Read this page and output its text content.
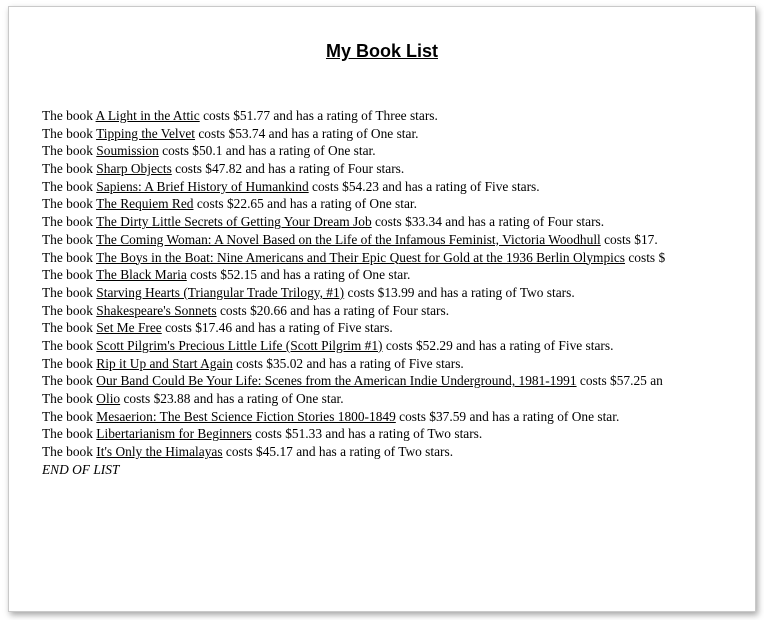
My Book List
The book A Light in the Attic costs $51.77 and has a rating of Three stars.
The book Tipping the Velvet costs $53.74 and has a rating of One star.
The book Soumission costs $50.1 and has a rating of One star.
The book Sharp Objects costs $47.82 and has a rating of Four stars.
The book Sapiens: A Brief History of Humankind costs $54.23 and has a rating of Five stars.
The book The Requiem Red costs $22.65 and has a rating of One star.
The book The Dirty Little Secrets of Getting Your Dream Job costs $33.34 and has a rating of Four stars.
The book The Coming Woman: A Novel Based on the Life of the Infamous Feminist, Victoria Woodhull costs $17.
The book The Boys in the Boat: Nine Americans and Their Epic Quest for Gold at the 1936 Berlin Olympics costs $
The book The Black Maria costs $52.15 and has a rating of One star.
The book Starving Hearts (Triangular Trade Trilogy, #1) costs $13.99 and has a rating of Two stars.
The book Shakespeare's Sonnets costs $20.66 and has a rating of Four stars.
The book Set Me Free costs $17.46 and has a rating of Five stars.
The book Scott Pilgrim's Precious Little Life (Scott Pilgrim #1) costs $52.29 and has a rating of Five stars.
The book Rip it Up and Start Again costs $35.02 and has a rating of Five stars.
The book Our Band Could Be Your Life: Scenes from the American Indie Underground, 1981-1991 costs $57.25 an
The book Olio costs $23.88 and has a rating of One star.
The book Mesaerion: The Best Science Fiction Stories 1800-1849 costs $37.59 and has a rating of One star.
The book Libertarianism for Beginners costs $51.33 and has a rating of Two stars.
The book It's Only the Himalayas costs $45.17 and has a rating of Two stars.
END OF LIST
